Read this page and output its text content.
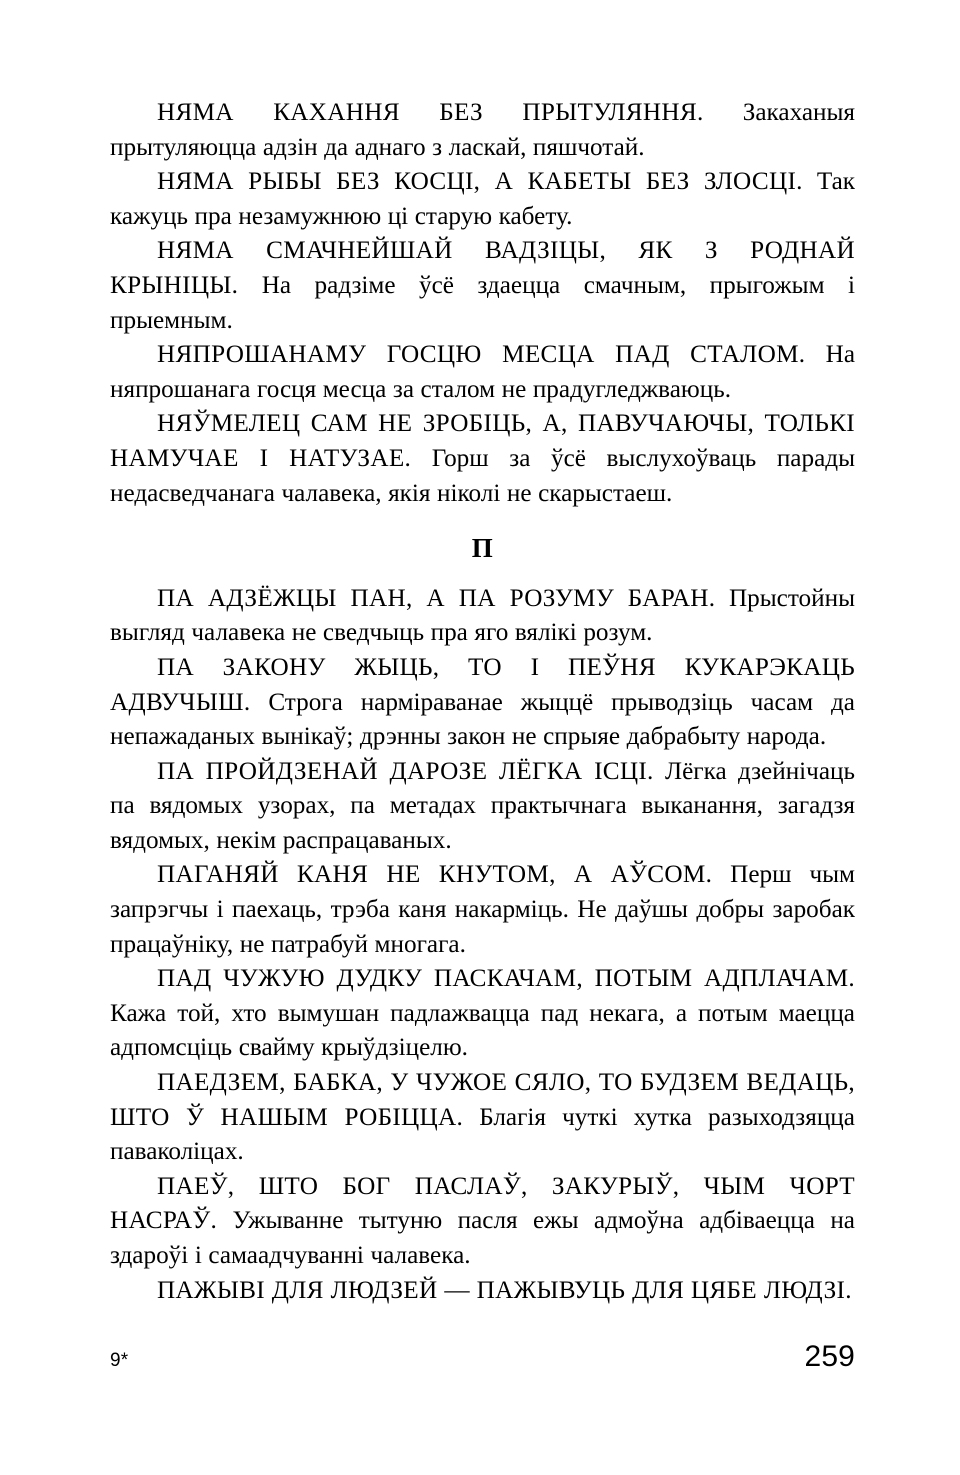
НЯМА КАХАННЯ БЕЗ ПРЫТУЛЯННЯ. Закаханыя прытуляюцца адзін да аднаго з ласкай, пяшчотай.

НЯМА РЫБЫ БЕЗ КОСЦІ, А КАБЕТЫ БЕЗ ЗЛОСЦІ. Так кажуць пра незамужнюю ці старую кабету.

НЯМА СМАЧНЕЙШАЙ ВАДЗІЦЫ, ЯК З РОДНАЙ КРЫНІЦЫ. На радзіме ўсё здаецца смачным, прыгожым і прыемным.

НЯПРОШАНАМУ ГОСЦЮ МЕСЦА ПАД СТАЛОМ. На няпрошанага госця месца за сталом не прадугледжваюць.

НЯЎМЕЛЕЦ САМ НЕ ЗРОБІЦЬ, А, ПАВУЧАЮЧЫ, ТОЛЬКІ НАМУЧАЕ І НАТУЗАЕ. Горш за ўсё выслухоўваць парады недасведчанага чалавека, якія ніколі не скарыстаеш.

П

ПА АДЗЁЖЦЫ ПАН, А ПА РОЗУМУ БАРАН. Прыстойны выгляд чалавека не сведчыць пра яго вялікі розум.

ПА ЗАКОНУ ЖЫЦЬ, ТО І ПЕЎНЯ КУКАРЭКАЦЬ АДВУЧЫШ. Строга нарміраванае жыццё прыводзіць часам да непажаданых вынікаў; дрэнны закон не спрыяе дабрабыту народа.

ПА ПРОЙДЗЕНАЙ ДАРОЗЕ ЛЁГКА ІСЦІ. Лёгка дзейнічаць па вядомых узорах, па метадах практычнага выканання, загадзя вядомых, некім распрацаваных.

ПАГАНЯЙ КАНЯ НЕ КНУТОМ, А АЎСОМ. Перш чым запрэгчы і паехаць, трэба каня накарміць. Не даўшы добры заробак працаўніку, не патрабуй многага.

ПАД ЧУЖУЮ ДУДКУ ПАСКАЧАМ, ПОТЫМ АДПЛАЧАМ. Кажа той, хто вымушан падлажвацца пад некага, а потым маецца адпомсціць свайму крыўдзіцелю.

ПАЕДЗЕМ, БАБКА, У ЧУЖОЕ СЯЛО, ТО БУДЗЕМ ВЕДАЦЬ, ШТО Ў НАШЫМ РОБІЦЦА. Благія чуткі хутка разыходзяцца паваколіцах.

ПАЕЎ, ШТО БОГ ПАСЛАЎ, ЗАКУРЫЎ, ЧЫМ ЧОРТ НАСРАЎ. Ужыванне тытуню пасля ежы адмоўна адбіваецца на здароўі і самаадчуванні чалавека.

ПАЖЫВІ ДЛЯ ЛЮДЗЕЙ — ПАЖЫВУЦЬ ДЛЯ ЦЯБЕ ЛЮДЗІ.

9*	259
